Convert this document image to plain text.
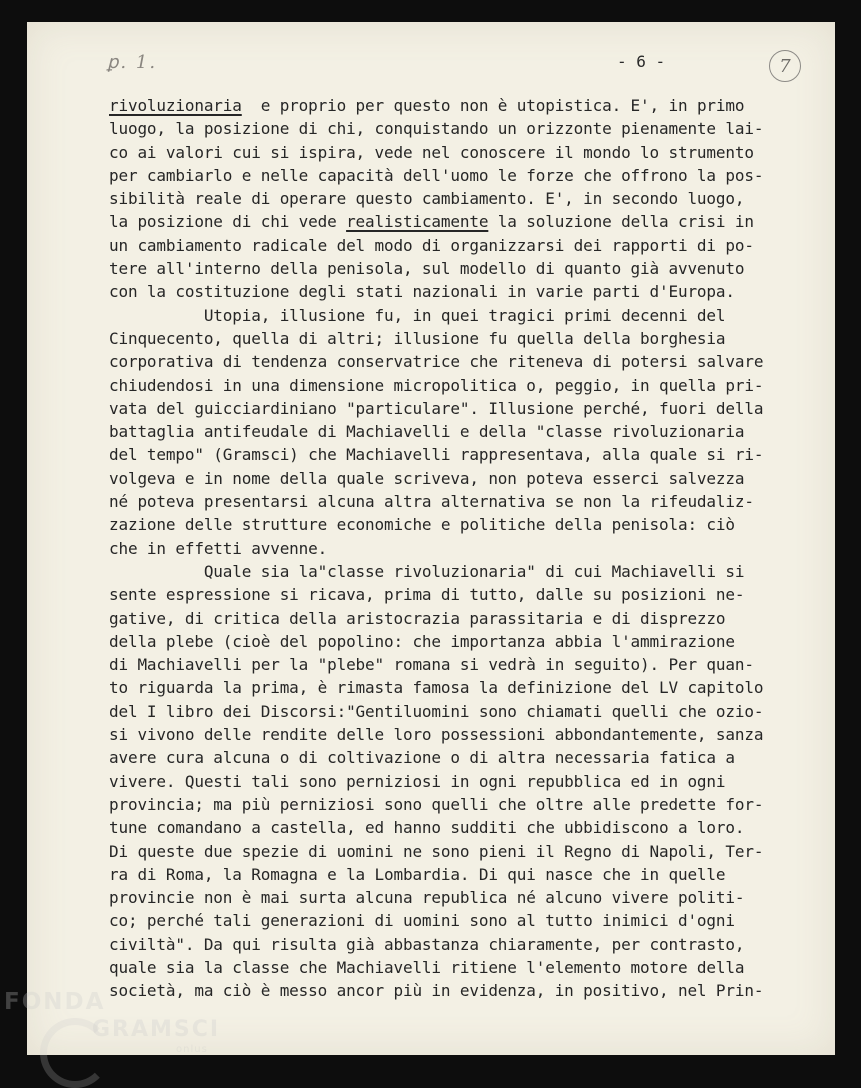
ꝑ. 1.	- 6 -	7
rivoluzionaria  e proprio per questo non è utopistica. E', in primo
luogo, la posizione di chi, conquistando un orizzonte pienamente lai-
co ai valori cui si ispira, vede nel conoscere il mondo lo strumento
per cambiarlo e nelle capacità dell'uomo le forze che offrono la pos-
sibilità reale di operare questo cambiamento. E', in secondo luogo,
la posizione di chi vede realisticamente la soluzione della crisi in
un cambiamento radicale del modo di organizzarsi dei rapporti di po-
tere all'interno della penisola, sul modello di quanto già avvenuto
con la costituzione degli stati nazionali in varie parti d'Europa.
Utopia, illusione fu, in quei tragici primi decenni del
Cinquecento, quella di altri; illusione fu quella della borghesia
corporativa di tendenza conservatrice che riteneva di potersi salvare
chiudendosi in una dimensione micropolitica o, peggio, in quella pri-
vata del guicciardiniano "particulare". Illusione perché, fuori della
battaglia antifeudale di Machiavelli e della "classe rivoluzionaria
del tempo" (Gramsci) che Machiavelli rappresentava, alla quale si ri-
volgeva e in nome della quale scriveva, non poteva esserci salvezza
né poteva presentarsi alcuna altra alternativa se non la rifeudaliz-
zazione delle strutture economiche e politiche della penisola: ciò
che in effetti avvenne.
Quale sia la"classe rivoluzionaria" di cui Machiavelli si
sente espressione si ricava, prima di tutto, dalle su posizioni ne-
gative, di critica della aristocrazia parassitaria e di disprezzo
della plebe (cioè del popolino: che importanza abbia l'ammirazione
di Machiavelli per la "plebe" romana si vedrà in seguito). Per quan-
to riguarda la prima, è rimasta famosa la definizione del LV capitolo
del I libro dei Discorsi:"Gentiluomini sono chiamati quelli che ozio-
si vivono delle rendite delle loro possessioni abbondantemente, sanza
avere cura alcuna o di coltivazione o di altra necessaria fatica a
vivere. Questi tali sono perniziosi in ogni repubblica ed in ogni
provincia; ma più perniziosi sono quelli che oltre alle predette for-
tune comandano a castella, ed hanno sudditi che ubbidiscono a loro.
Di queste due spezie di uomini ne sono pieni il Regno di Napoli, Ter-
ra di Roma, la Romagna e la Lombardia. Di qui nasce che in quelle
provincie non è mai surta alcuna republica né alcuno vivere politi-
co; perché tali generazioni di uomini sono al tutto inimici d'ogni
civiltà". Da qui risulta già abbastanza chiaramente, per contrasto,
quale sia la classe che Machiavelli ritiene l'elemento motore della
società, ma ciò è messo ancor più in evidenza, in positivo, nel Prin-
FONDA
GRAMSCI
onlus
